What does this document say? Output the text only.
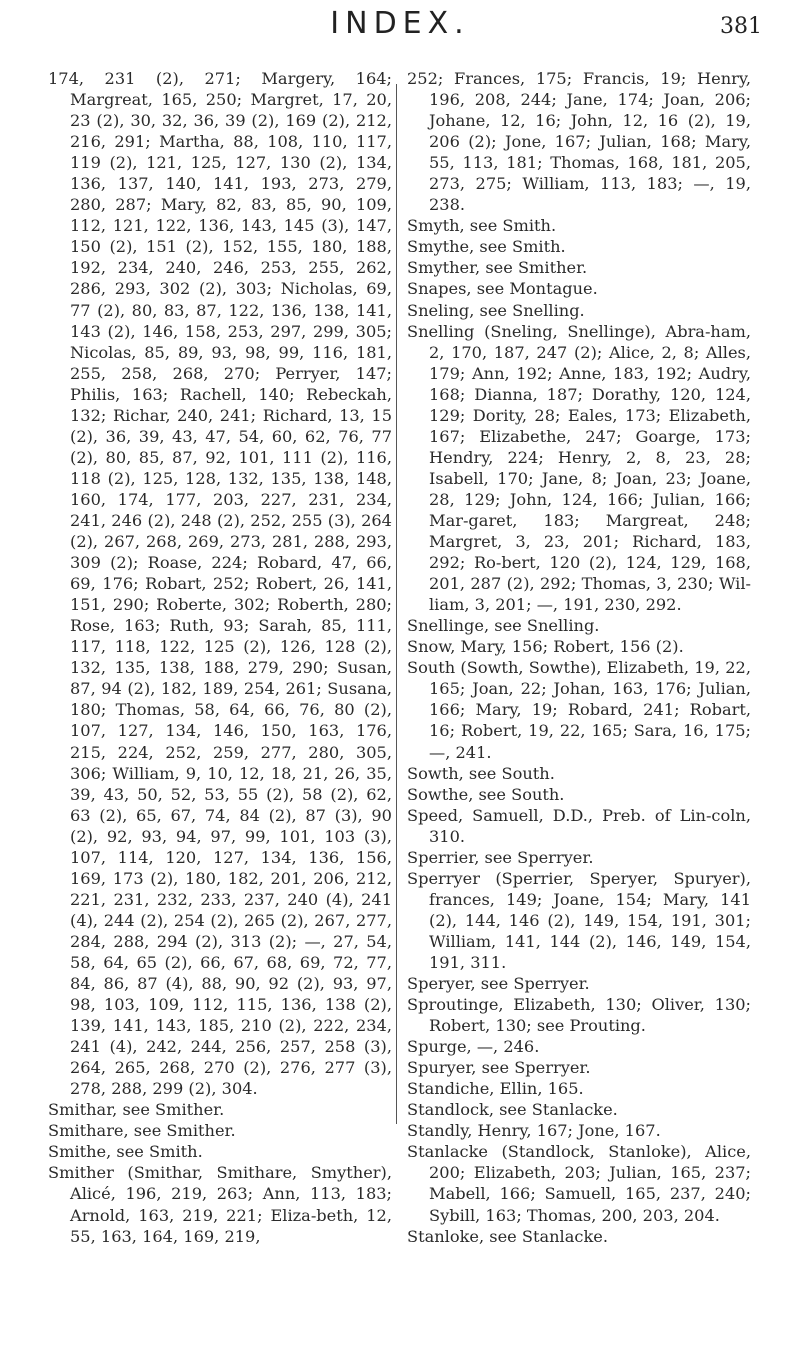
INDEX.	381

174, 231 (2), 271; Margery, 164; Margreat, 165, 250; Margret, 17, 20, 23 (2), 30, 32, 36, 39 (2), 169 (2), 212, 216, 291; Martha, 88, 108, 110, 117, 119 (2), 121, 125, 127, 130 (2), 134, 136, 137, 140, 141, 193, 273, 279, 280, 287; Mary, 82, 83, 85, 90, 109, 112, 121, 122, 136, 143, 145 (3), 147, 150 (2), 151 (2), 152, 155, 180, 188, 192, 234, 240, 246, 253, 255, 262, 286, 293, 302 (2), 303; Nicholas, 69, 77 (2), 80, 83, 87, 122, 136, 138, 141, 143 (2), 146, 158, 253, 297, 299, 305; Nicolas, 85, 89, 93, 98, 99, 116, 181, 255, 258, 268, 270; Perryer, 147; Philis, 163; Rachell, 140; Rebeckah, 132; Richar, 240, 241; Richard, 13, 15 (2), 36, 39, 43, 47, 54, 60, 62, 76, 77 (2), 80, 85, 87, 92, 101, 111 (2), 116, 118 (2), 125, 128, 132, 135, 138, 148, 160, 174, 177, 203, 227, 231, 234, 241, 246 (2), 248 (2), 252, 255 (3), 264 (2), 267, 268, 269, 273, 281, 288, 293, 309 (2); Roase, 224; Robard, 47, 66, 69, 176; Robart, 252; Robert, 26, 141, 151, 290; Roberte, 302; Roberth, 280; Rose, 163; Ruth, 93; Sarah, 85, 111, 117, 118, 122, 125 (2), 126, 128 (2), 132, 135, 138, 188, 279, 290; Susan, 87, 94 (2), 182, 189, 254, 261; Susana, 180; Thomas, 58, 64, 66, 76, 80 (2), 107, 127, 134, 146, 150, 163, 176, 215, 224, 252, 259, 277, 280, 305, 306; William, 9, 10, 12, 18, 21, 26, 35, 39, 43, 50, 52, 53, 55 (2), 58 (2), 62, 63 (2), 65, 67, 74, 84 (2), 87 (3), 90 (2), 92, 93, 94, 97, 99, 101, 103 (3), 107, 114, 120, 127, 134, 136, 156, 169, 173 (2), 180, 182, 201, 206, 212, 221, 231, 232, 233, 237, 240 (4), 241 (4), 244 (2), 254 (2), 265 (2), 267, 277, 284, 288, 294 (2), 313 (2); —, 27, 54, 58, 64, 65 (2), 66, 67, 68, 69, 72, 77, 84, 86, 87 (4), 88, 90, 92 (2), 93, 97, 98, 103, 109, 112, 115, 136, 138 (2), 139, 141, 143, 185, 210 (2), 222, 234, 241 (4), 242, 244, 256, 257, 258 (3), 264, 265, 268, 270 (2), 276, 277 (3), 278, 288, 299 (2), 304.

Smithar, see Smither.

Smithare, see Smither.

Smithe, see Smith.

Smither (Smithar, Smithare, Smyther), Alicé, 196, 219, 263; Ann, 113, 183; Arnold, 163, 219, 221; Eliza-beth, 12, 55, 163, 164, 169, 219,

252; Frances, 175; Francis, 19; Henry, 196, 208, 244; Jane, 174; Joan, 206; Johane, 12, 16; John, 12, 16 (2), 19, 206 (2); Jone, 167; Julian, 168; Mary, 55, 113, 181; Thomas, 168, 181, 205, 273, 275; William, 113, 183; —, 19, 238.

Smyth, see Smith.

Smythe, see Smith.

Smyther, see Smither.

Snapes, see Montague.

Sneling, see Snelling.

Snelling (Sneling, Snellinge), Abra-ham, 2, 170, 187, 247 (2); Alice, 2, 8; Alles, 179; Ann, 192; Anne, 183, 192; Audry, 168; Dianna, 187; Dorathy, 120, 124, 129; Dority, 28; Eales, 173; Elizabeth, 167; Elizabethe, 247; Goarge, 173; Hendry, 224; Henry, 2, 8, 23, 28; Isabell, 170; Jane, 8; Joan, 23; Joane, 28, 129; John, 124, 166; Julian, 166; Mar-garet, 183; Margreat, 248; Margret, 3, 23, 201; Richard, 183, 292; Ro-bert, 120 (2), 124, 129, 168, 201, 287 (2), 292; Thomas, 3, 230; Wil-liam, 3, 201; —, 191, 230, 292.

Snellinge, see Snelling.

Snow, Mary, 156; Robert, 156 (2).

South (Sowth, Sowthe), Elizabeth, 19, 22, 165; Joan, 22; Johan, 163, 176; Julian, 166; Mary, 19; Robard, 241; Robart, 16; Robert, 19, 22, 165; Sara, 16, 175; —, 241.

Sowth, see South.

Sowthe, see South.

Speed, Samuell, D.D., Preb. of Lin-coln, 310.

Sperrier, see Sperryer.

Sperryer (Sperrier, Speryer, Spuryer), frances, 149; Joane, 154; Mary, 141 (2), 144, 146 (2), 149, 154, 191, 301; William, 141, 144 (2), 146, 149, 154, 191, 311.

Speryer, see Sperryer.

Sproutinge, Elizabeth, 130; Oliver, 130; Robert, 130; see Prouting.

Spurge, —, 246.

Spuryer, see Sperryer.

Standiche, Ellin, 165.

Standlock, see Stanlacke.

Standly, Henry, 167; Jone, 167.

Stanlacke (Standlock, Stanloke), Alice, 200; Elizabeth, 203; Julian, 165, 237; Mabell, 166; Samuell, 165, 237, 240; Sybill, 163; Thomas, 200, 203, 204.

Stanloke, see Stanlacke.
